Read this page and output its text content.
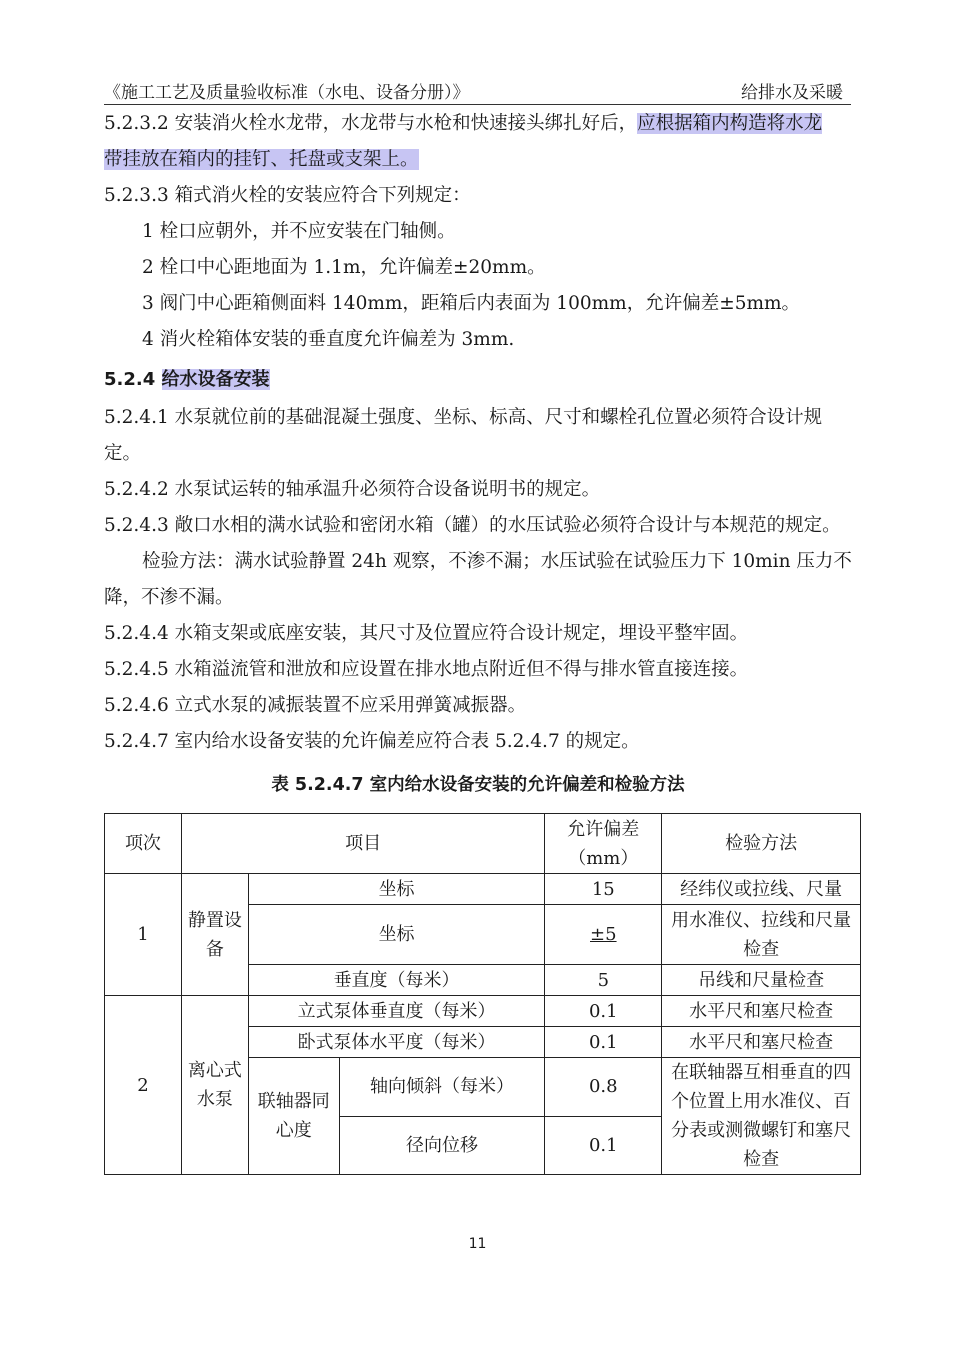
《施工工艺及质量验收标准（水电、设备分册）》	给排水及采暖

5.2.3.2 安装消火栓水龙带，水龙带与水枪和快速接头绑扎好后，应根据箱内构造将水龙
带挂放在箱内的挂钉、托盘或支架上。

5.2.3.3 箱式消火栓的安装应符合下列规定：

1 栓口应朝外，并不应安装在门轴侧。

2 栓口中心距地面为 1.1m，允许偏差±20mm。

3 阀门中心距箱侧面料 140mm，距箱后内表面为 100mm，允许偏差±5mm。

4 消火栓箱体安装的垂直度允许偏差为 3mm.

5.2.4 给水设备安装

5.2.4.1 水泵就位前的基础混凝土强度、坐标、标高、尺寸和螺栓孔位置必须符合设计规定。

5.2.4.2 水泵试运转的轴承温升必须符合设备说明书的规定。

5.2.4.3 敞口水相的满水试验和密闭水箱（罐）的水压试验必须符合设计与本规范的规定。

检验方法：满水试验静置 24h 观察，不渗不漏；水压试验在试验压力下 10min 压力不降，不渗不漏。

5.2.4.4 水箱支架或底座安装，其尺寸及位置应符合设计规定，埋设平整牢固。

5.2.4.5 水箱溢流管和泄放和应设置在排水地点附近但不得与排水管直接连接。

5.2.4.6 立式水泵的减振装置不应采用弹簧减振器。

5.2.4.7 室内给水设备安装的允许偏差应符合表 5.2.4.7 的规定。

表 5.2.4.7 室内给水设备安装的允许偏差和检验方法
项次	项目			允许偏差（mm）	检验方法
1	静置设备	坐标		15	经纬仪或拉线、尺量
		坐标		±5	用水准仪、拉线和尺量检查
		垂直度（每米）		5	吊线和尺量检查
2	离心式水泵	立式泵体垂直度（每米）		0.1	水平尺和塞尺检查
		卧式泵体水平度（每米）		0.1	水平尺和塞尺检查
		联轴器同心度	轴向倾斜（每米）	0.8	在联轴器互相垂直的四个位置上用水准仪、百分表或测微螺钉和塞尺检查
			径向位移	0.1	
11
